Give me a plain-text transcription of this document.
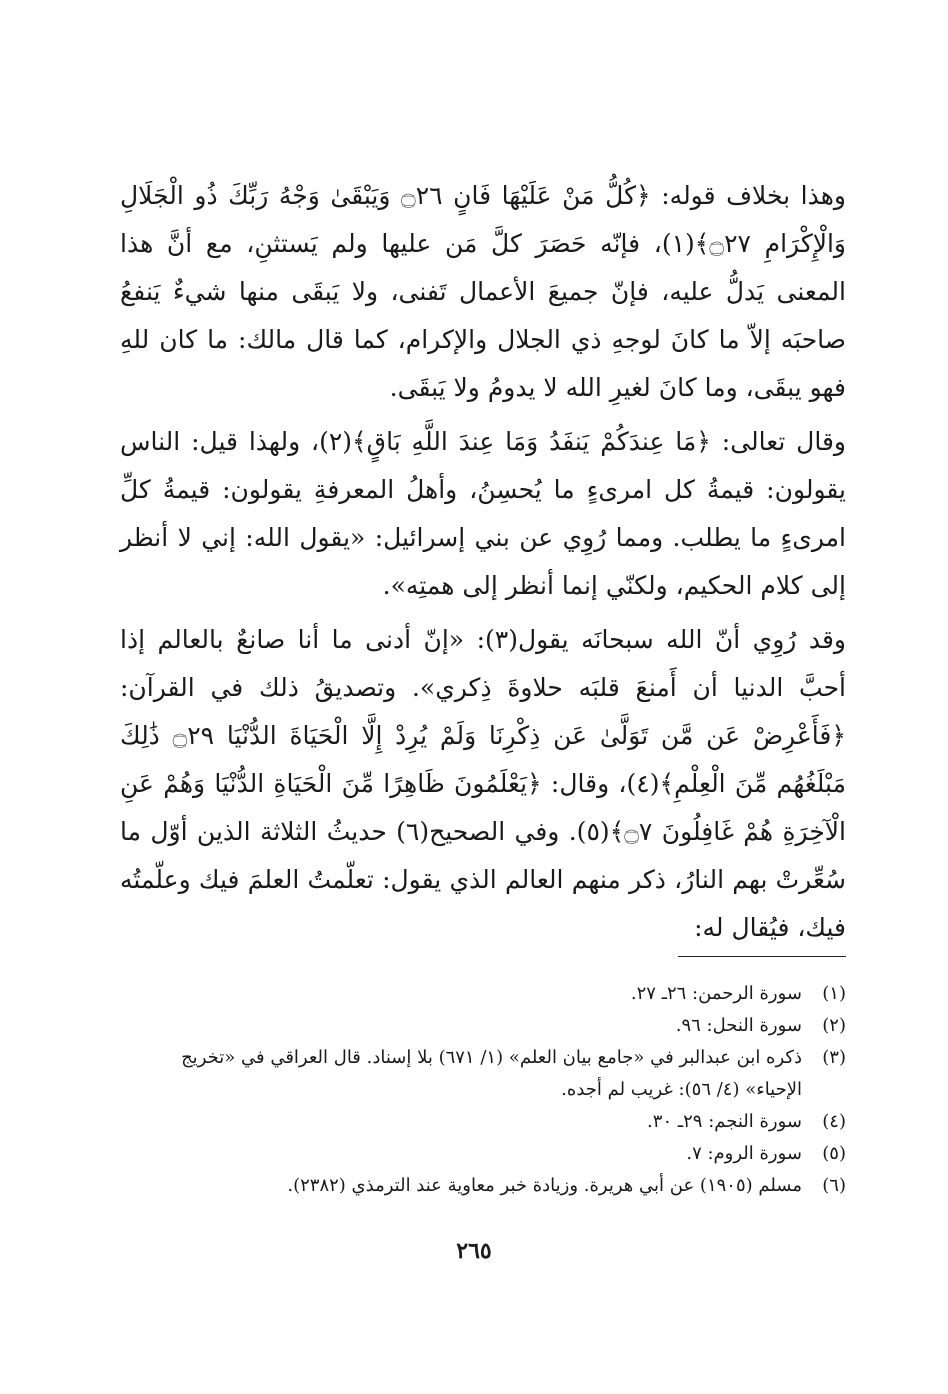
وهذا بخلاف قوله: ﴿كُلُّ مَنْ عَلَيْهَا فَانٍ ۝٢٦ وَيَبْقَىٰ وَجْهُ رَبِّكَ ذُو الْجَلَالِ وَالْإِكْرَامِ ۝٢٧﴾(١)، فإنّه حَصَرَ كلَّ مَن عليها ولم يَستثنِ، مع أنَّ هذا المعنى يَدلُّ عليه، فإنّ جميعَ الأعمال تَفنى، ولا يَبقَى منها شيءٌ يَنفعُ صاحبَه إلاّ ما كانَ لوجهِ ذي الجلال والإكرام، كما قال مالك: ما كان للهِ فهو يبقَى، وما كانَ لغيرِ الله لا يدومُ ولا يَبقَى.

وقال تعالى: ﴿مَا عِندَكُمْ يَنفَدُ وَمَا عِندَ اللَّهِ بَاقٍ﴾(٢)، ولهذا قيل: الناس يقولون: قيمةُ كل امرىءٍ ما يُحسِنُ، وأهلُ المعرفةِ يقولون: قيمةُ كلِّ امرىءٍ ما يطلب. ومما رُوِي عن بني إسرائيل: «يقول الله: إني لا أنظر إلى كلام الحكيم، ولكنّي إنما أنظر إلى همتِه».

وقد رُوِي أنّ الله سبحانَه يقول(٣): «إنّ أدنى ما أنا صانعٌ بالعالم إذا أحبَّ الدنيا أن أَمنعَ قلبَه حلاوةَ ذِكري». وتصديقُ ذلك في القرآن: ﴿فَأَعْرِضْ عَن مَّن تَوَلَّىٰ عَن ذِكْرِنَا وَلَمْ يُرِدْ إِلَّا الْحَيَاةَ الدُّنْيَا ۝٢٩ ذَٰلِكَ مَبْلَغُهُم مِّنَ الْعِلْمِ﴾(٤)، وقال: ﴿يَعْلَمُونَ ظَاهِرًا مِّنَ الْحَيَاةِ الدُّنْيَا وَهُمْ عَنِ الْآخِرَةِ هُمْ غَافِلُونَ ۝٧﴾(٥). وفي الصحيح(٦) حديثُ الثلاثة الذين أوّل ما سُعِّرتْ بهم النارُ، ذكر منهم العالم الذي يقول: تعلّمتُ العلمَ فيك وعلّمتُه فيك، فيُقال له:

(١)
سورة الرحمن: ٢٦ـ ٢٧.
(٢)
سورة النحل: ٩٦.
(٣)
ذكره ابن عبدالبر في «جامع بيان العلم» (١/ ٦٧١) بلا إسناد. قال العراقي في «تخريج الإحياء» (٤/ ٥٦): غريب لم أجده.
(٤)
سورة النجم: ٢٩ـ ٣٠.
(٥)
سورة الروم: ٧.
(٦)
مسلم (١٩٠٥) عن أبي هريرة. وزيادة خبر معاوية عند الترمذي (٢٣٨٢).
٢٦٥
